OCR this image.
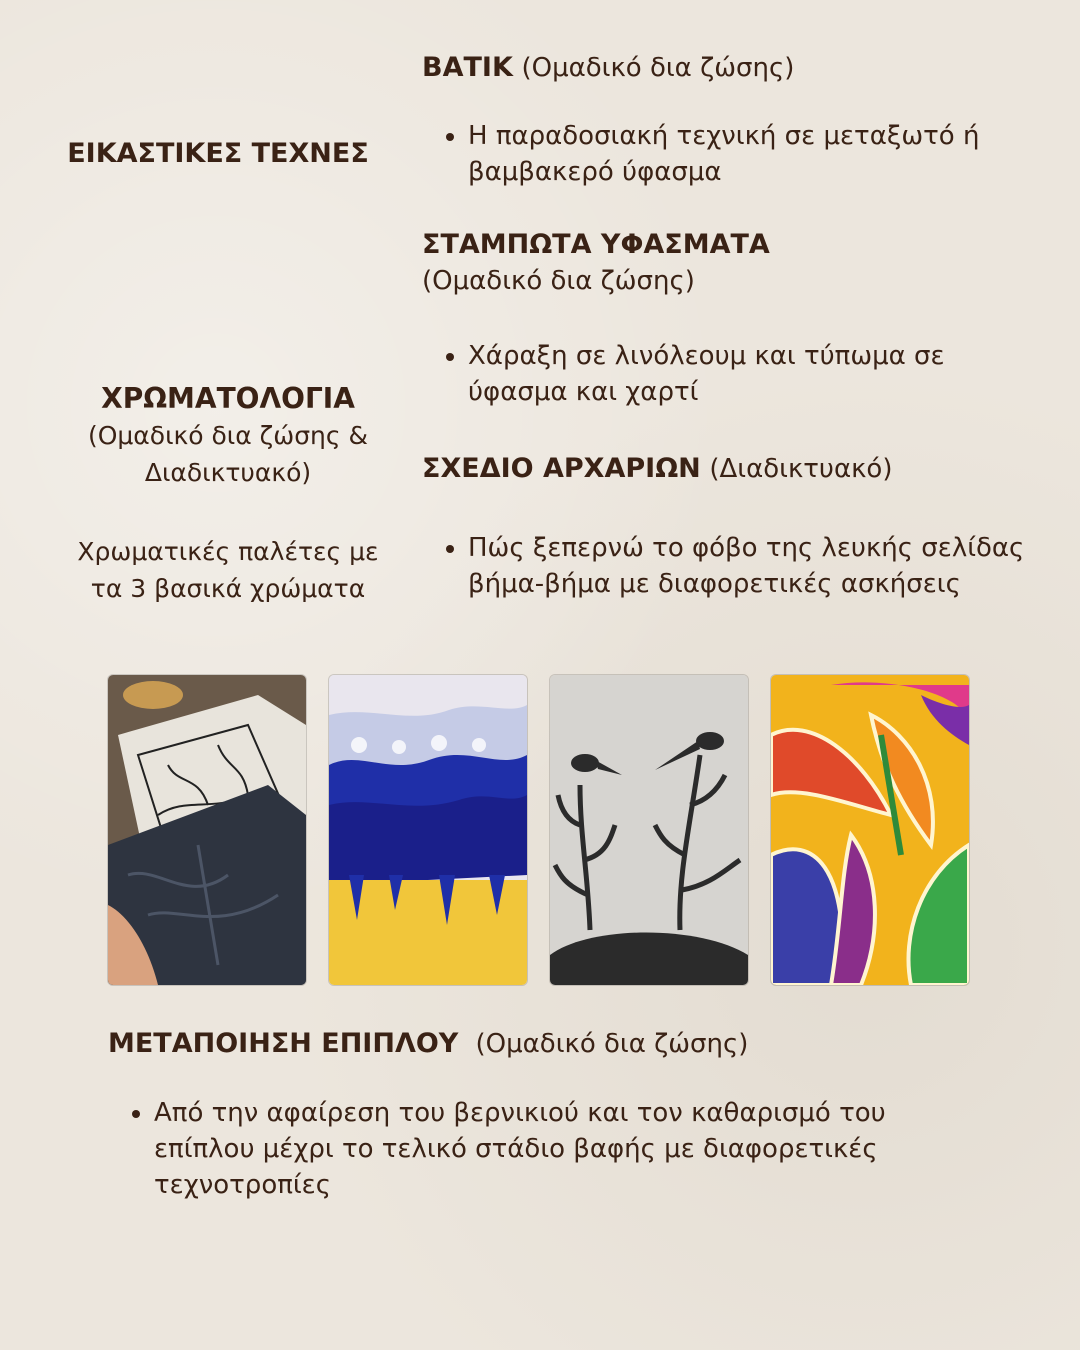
ΕΙΚΑΣΤΙΚΕΣ ΤΕΧΝΕΣ
ΧΡΩΜΑΤΟΛΟΓΙΑ
(Ομαδικό δια ζώσης & Διαδικτυακό)
Χρωματικές παλέτες με τα 3 βασικά χρώματα
ΒΑΤΙΚ (Ομαδικό δια ζώσης)
• Η παραδοσιακή τεχνική σε μεταξωτό ή βαμβακερό ύφασμα
ΣΤΑΜΠΩΤΑ ΥΦΑΣΜΑΤΑ
(Ομαδικό δια ζώσης)
• Χάραξη σε λινόλεουμ και τύπωμα σε ύφασμα και χαρτί
ΣΧΕΔΙΟ ΑΡΧΑΡΙΩΝ (Διαδικτυακό)
• Πώς ξεπερνώ το φόβο της λευκής σελίδας βήμα-βήμα με διαφορετικές ασκήσεις
ΜΕΤΑΠΟΙΗΣΗ ΕΠΙΠΛΟΥ (Ομαδικό δια ζώσης)
• Από την αφαίρεση του βερνικιού και τον καθαρισμό του επίπλου μέχρι το τελικό στάδιο βαφής με διαφορετικές τεχνοτροπίες
